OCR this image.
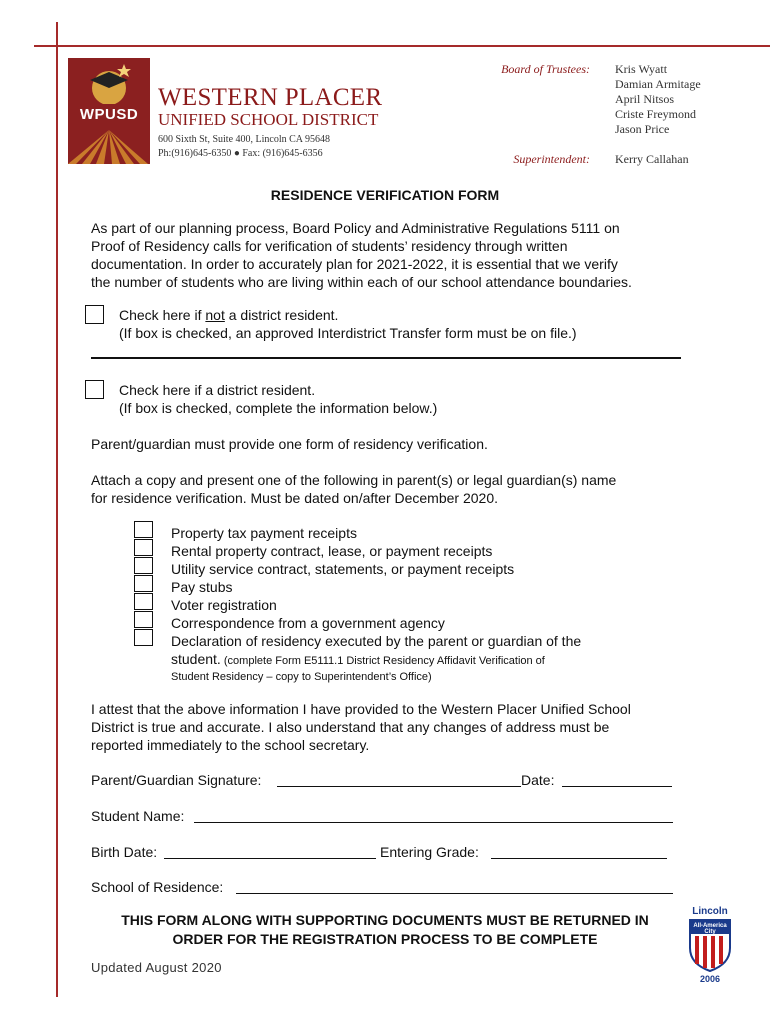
WPUSD
WESTERN PLACER
UNIFIED SCHOOL DISTRICT
600 Sixth St, Suite 400, Lincoln CA 95648
Ph:(916)645-6350 ● Fax: (916)645-6356
Board of Trustees: Kris Wyatt
Damian Armitage
April Nitsos
Criste Freymond
Jason Price
Superintendent: Kerry Callahan
RESIDENCE VERIFICATION FORM
As part of our planning process, Board Policy and Administrative Regulations 5111 on
Proof of Residency calls for verification of students’ residency through written
documentation. In order to accurately plan for 2021-2022, it is essential that we verify
the number of students who are living within each of our school attendance boundaries.
Check here if not a district resident.
(If box is checked, an approved Interdistrict Transfer form must be on file.)
Check here if a district resident.
(If box is checked, complete the information below.)
Parent/guardian must provide one form of residency verification.
Attach a copy and present one of the following in parent(s) or legal guardian(s) name
for residence verification. Must be dated on/after December 2020.
Property tax payment receipts
Rental property contract, lease, or payment receipts
Utility service contract, statements, or payment receipts
Pay stubs
Voter registration
Correspondence from a government agency
Declaration of residency executed by the parent or guardian of the
student. (complete Form E5111.1 District Residency Affidavit Verification of
Student Residency – copy to Superintendent’s Office)
I attest that the above information I have provided to the Western Placer Unified School
District is true and accurate. I also understand that any changes of address must be
reported immediately to the school secretary.
Parent/Guardian Signature:	Date:
Student Name:
Birth Date:	Entering Grade:
School of Residence:
THIS FORM ALONG WITH SUPPORTING DOCUMENTS MUST BE RETURNED IN
ORDER FOR THE REGISTRATION PROCESS TO BE COMPLETE
Updated August 2020
Lincoln
All-America City
2006
